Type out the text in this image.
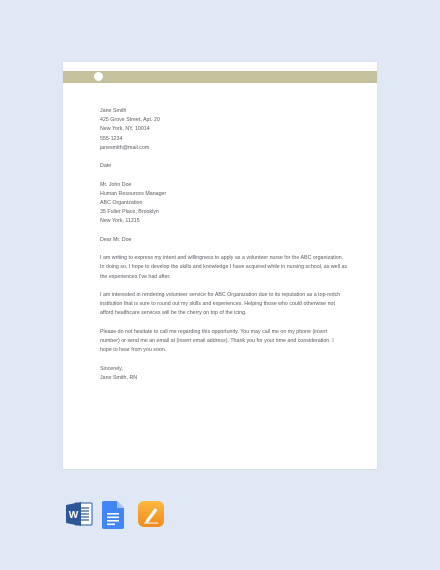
Jane Smith
425 Grove Street, Apt. 20
New York, NY, 10014
555-1234
janesmith@mail.com
Date
Mr. John Doe
Human Resources Manager
ABC Organization
35 Fuller Place, Brooklyn
New York, 11215
Dear Mr. Doe
I am writing to express my intent and willingness to apply as a volunteer nurse for the ABC organization.
In doing so, I hope to develop the skills and knowledge I have acquired while in nursing school, as well as
the experiences I've had after.
I am interested in rendering volunteer service for ABC Organization due to its reputation as a top-notch
institution that is sure to round out my skills and experiences. Helping those who could otherwise not
afford healthcare services will be the cherry on top of the icing.
Please do not hesitate to call me regarding this opportunity. You may call me on my phone (insert
number) or send me an email at (insert email address). Thank you for your time and consideration. I
hope to hear from you soon.
Sincerely,
Jane Smith, RN
W
